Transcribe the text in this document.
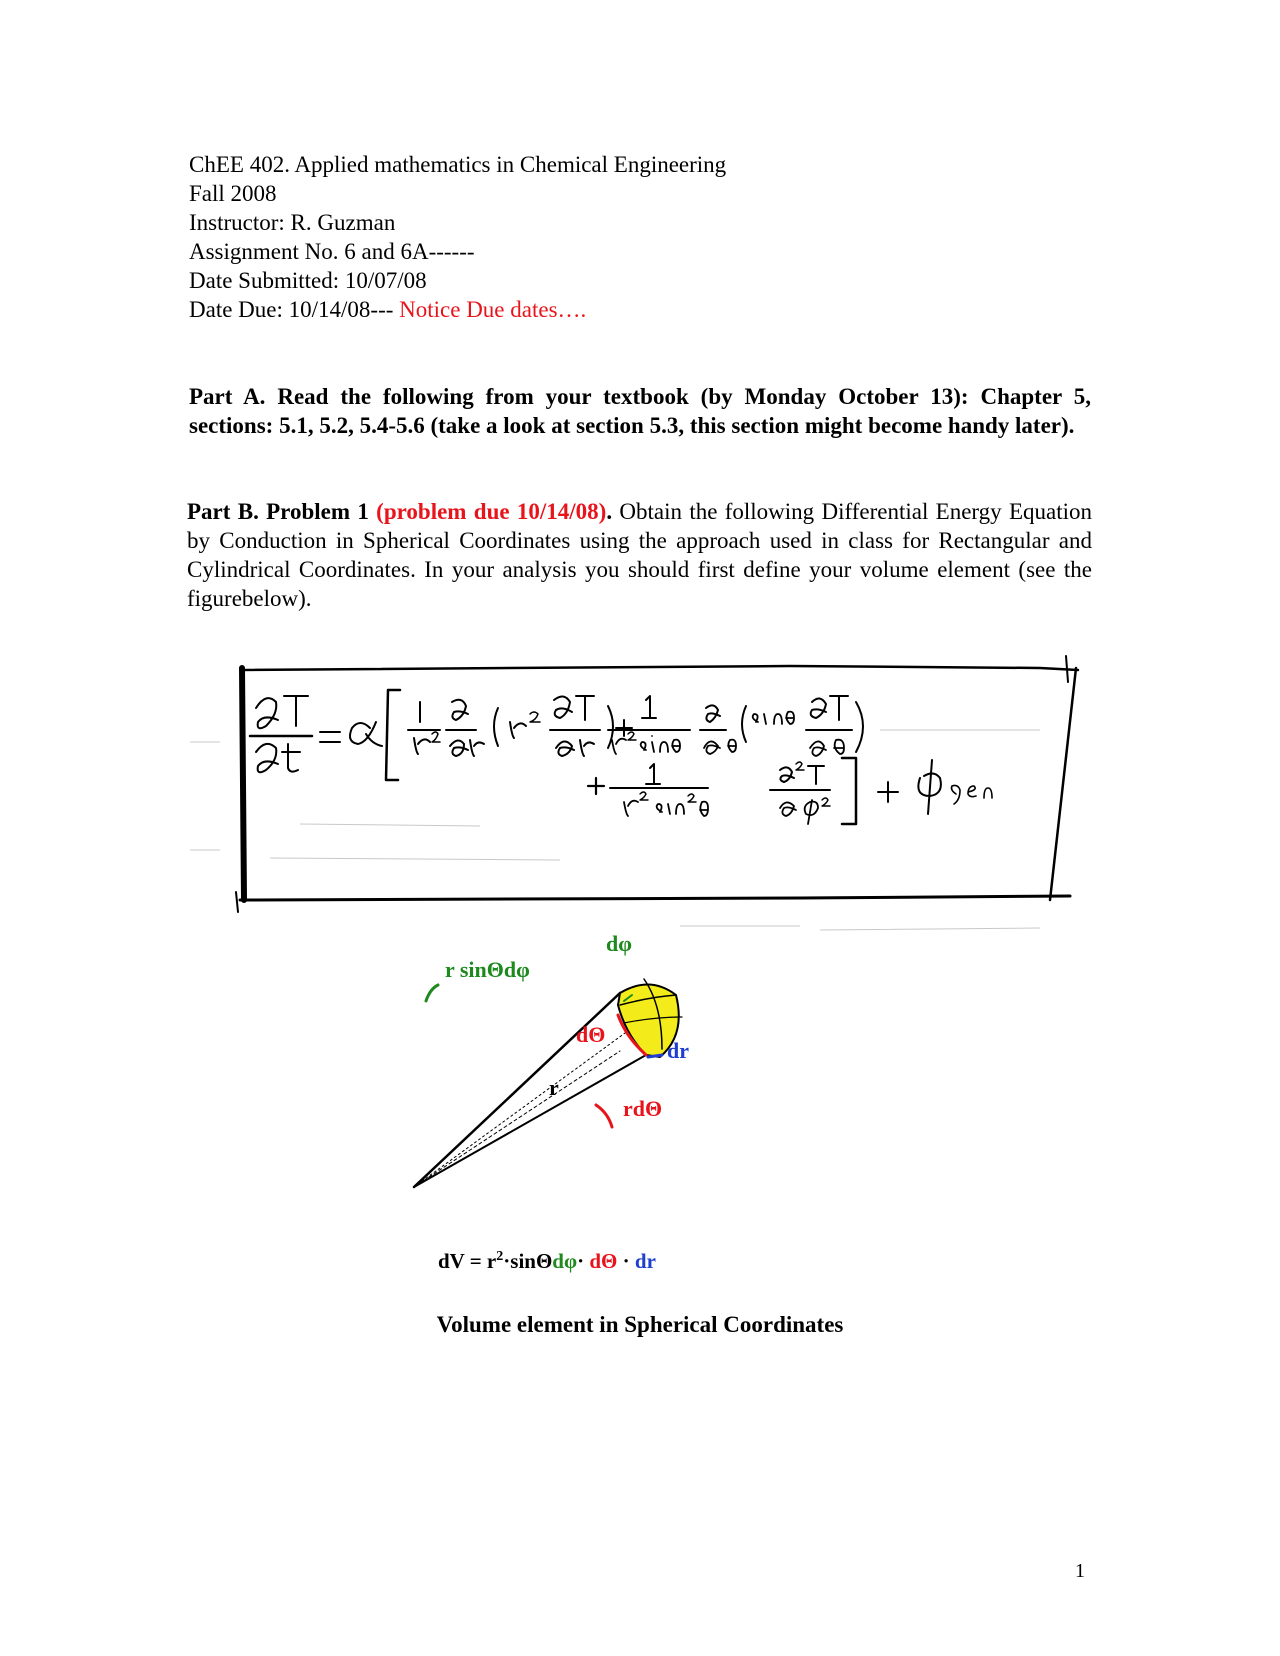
ChEE 402. Applied mathematics in Chemical Engineering
Fall 2008
Instructor: R. Guzman
Assignment No. 6 and 6A------
Date Submitted: 10/07/08
Date Due: 10/14/08--- Notice Due dates….
Part A. Read the following from your textbook (by Monday October 13): Chapter 5, sections: 5.1, 5.2, 5.4-5.6 (take a look at section 5.3, this section might become handy later).
Part B. Problem 1 (problem due 10/14/08). Obtain the following Differential Energy Equation by Conduction in Spherical Coordinates using the approach used in class for Rectangular and Cylindrical Coordinates. In your analysis you should first define your volume element (see the figurebelow).
dφ
r sinΘdφ
dΘ
dr
r
rdΘ
dV = $r^2\cdot\sin\Theta d\varphi\cdot d\Theta$ · dr
Volume element in Spherical Coordinates
1
